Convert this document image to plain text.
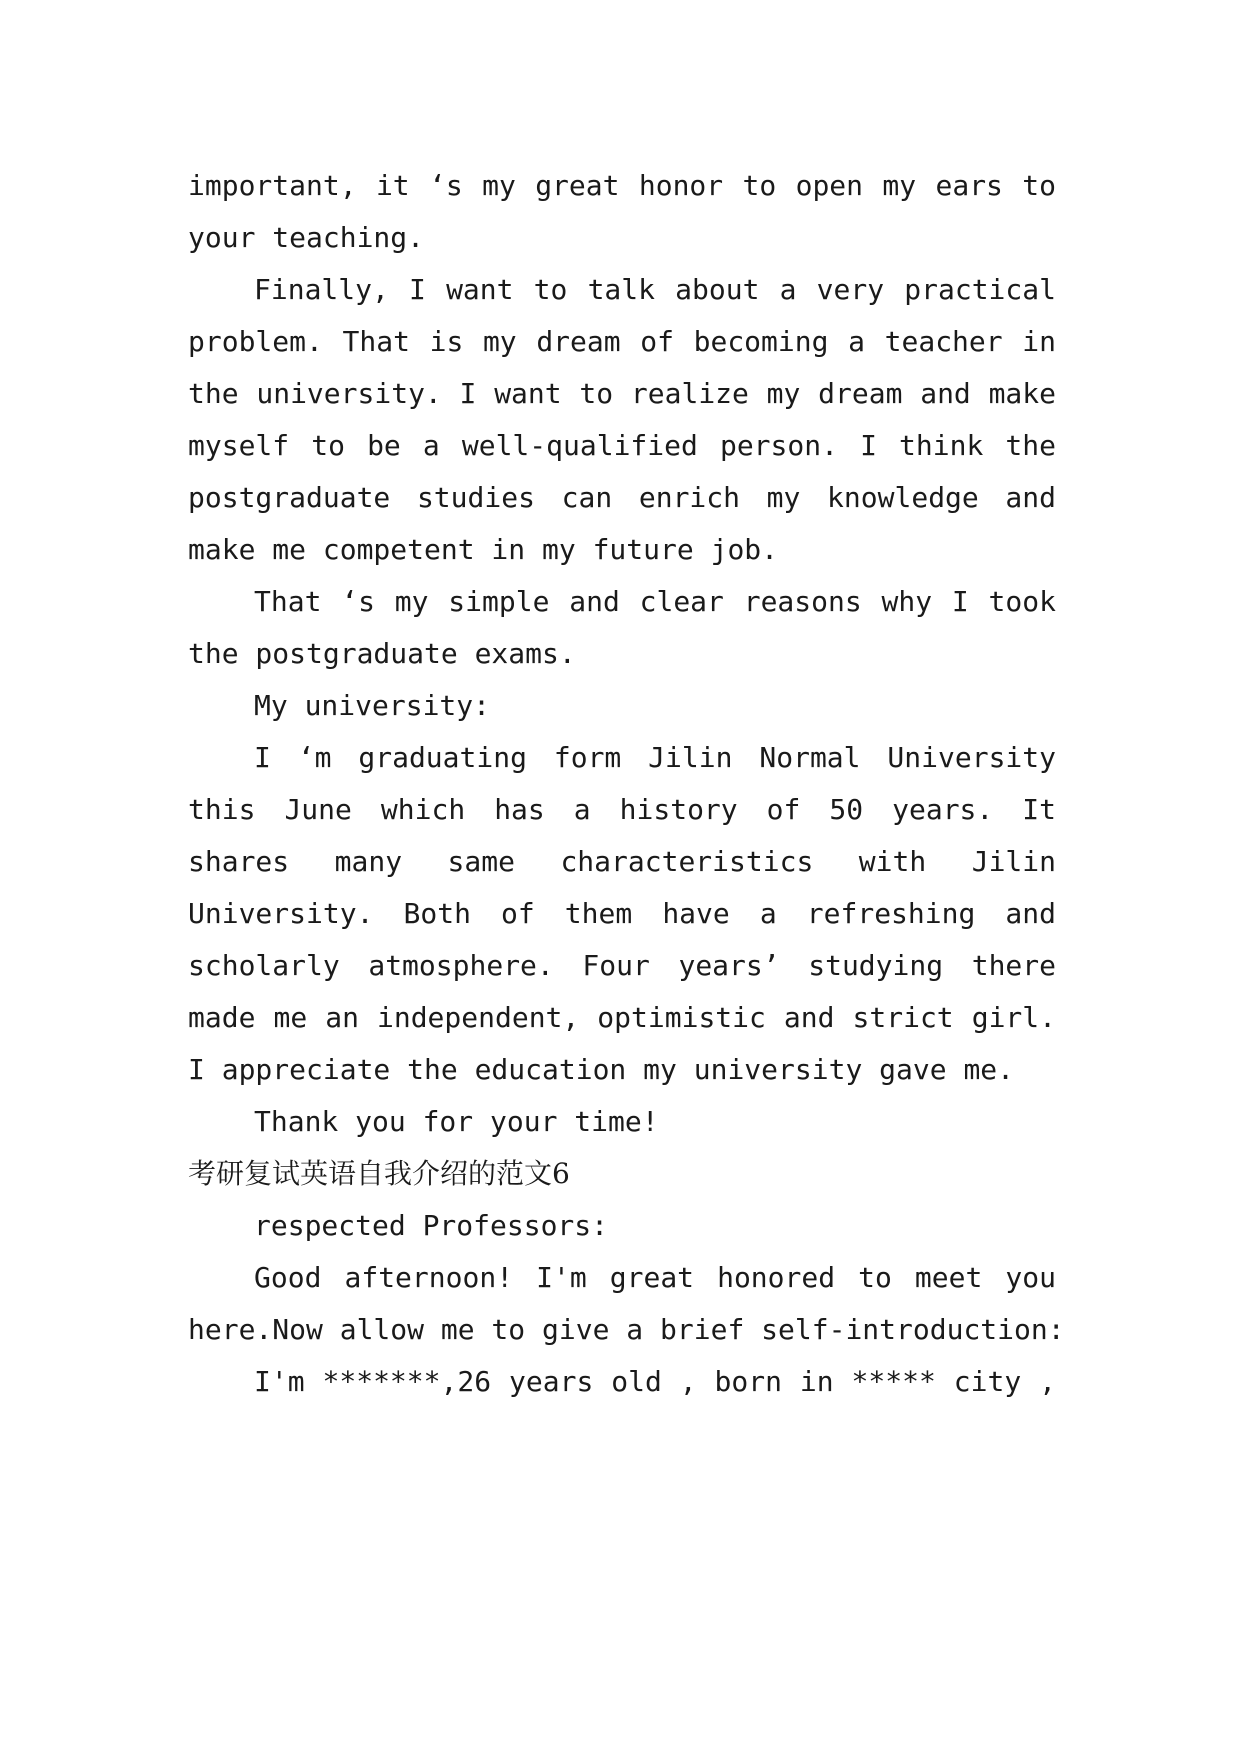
important, it ‘s my great honor to open my ears to
your teaching.
Finally, I want to talk about a very practical
problem. That is my dream of becoming a teacher in
the university. I want to realize my dream and make
myself to be a well-qualified person. I think the
postgraduate studies can enrich my knowledge and
make me competent in my future job.
That ‘s my simple and clear reasons why I took
the postgraduate exams.
My university:
I ‘m graduating form Jilin Normal University
this June which has a history of 50 years. It
shares many same characteristics with Jilin
University. Both of them have a refreshing and
scholarly atmosphere. Four years’ studying there
made me an independent, optimistic and strict girl.
I appreciate the education my university gave me.
Thank you for your time!
考研复试英语自我介绍的范文6
respected Professors:
Good afternoon! I'm great honored to meet you
here.Now allow me to give a brief self-introduction:
I'm *******,26 years old , born in ***** city ,
